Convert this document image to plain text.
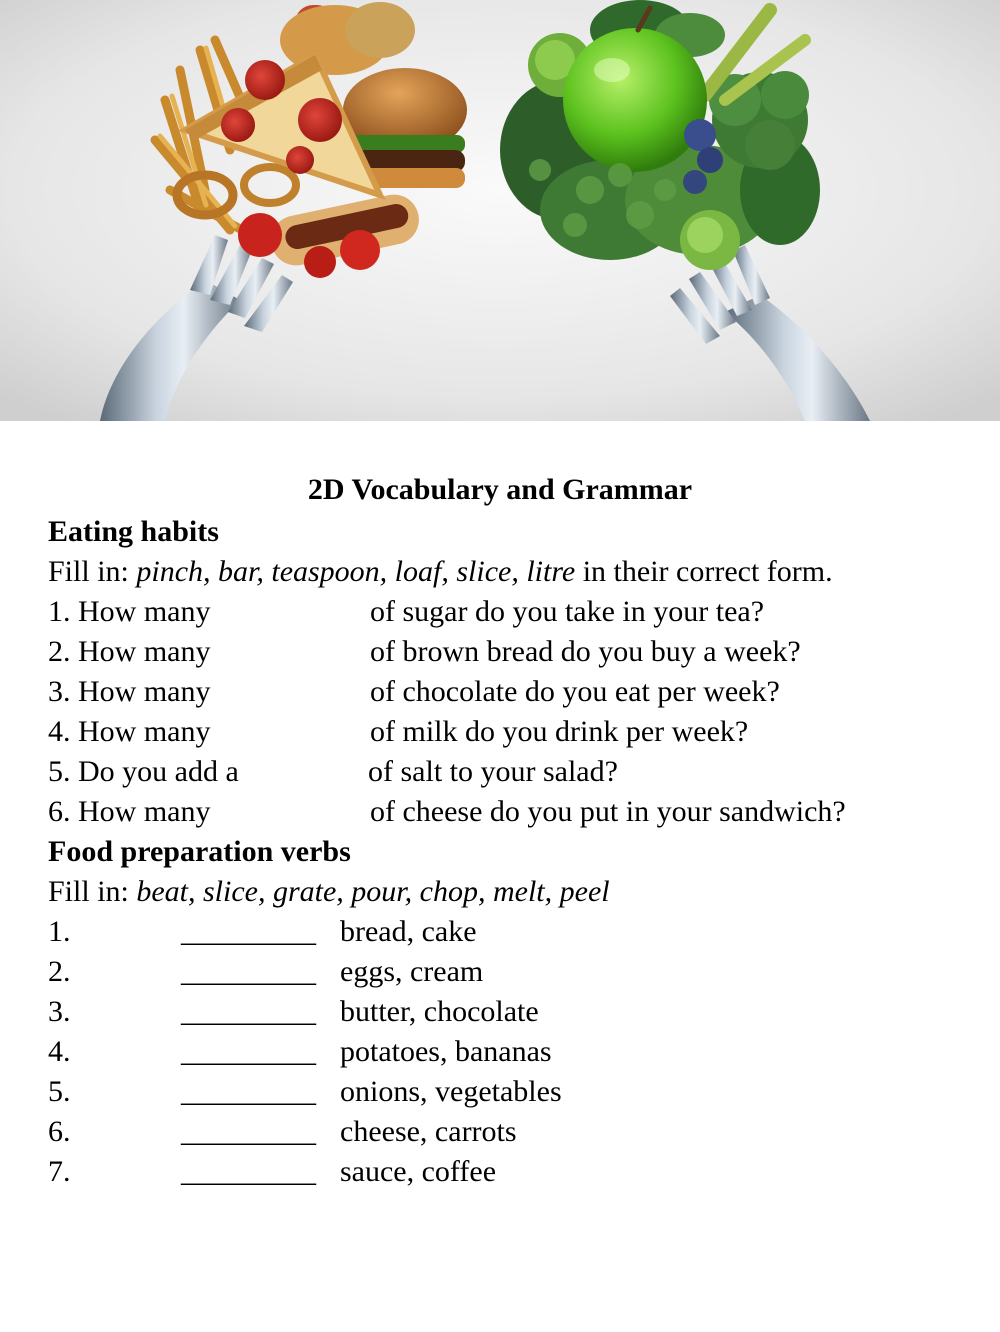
2D Vocabulary and Grammar
Eating habits
Fill in: pinch, bar, teaspoon, loaf, slice, litre in their correct form.
1. How many	of sugar do you take in your tea?
2. How many	of brown bread do you buy a week?
3. How many	of chocolate do you eat per week?
4. How many	of milk do you drink per week?
5. Do you add a	of salt to your salad?
6. How many	of cheese do you put in your sandwich?
Food preparation verbs
Fill in: beat, slice, grate, pour, chop, melt, peel
1.	_________ bread, cake
2.	_________ eggs, cream
3.	_________ butter, chocolate
4.	_________ potatoes, bananas
5.	_________ onions, vegetables
6.	_________ cheese, carrots
7.	_________ sauce, coffee
